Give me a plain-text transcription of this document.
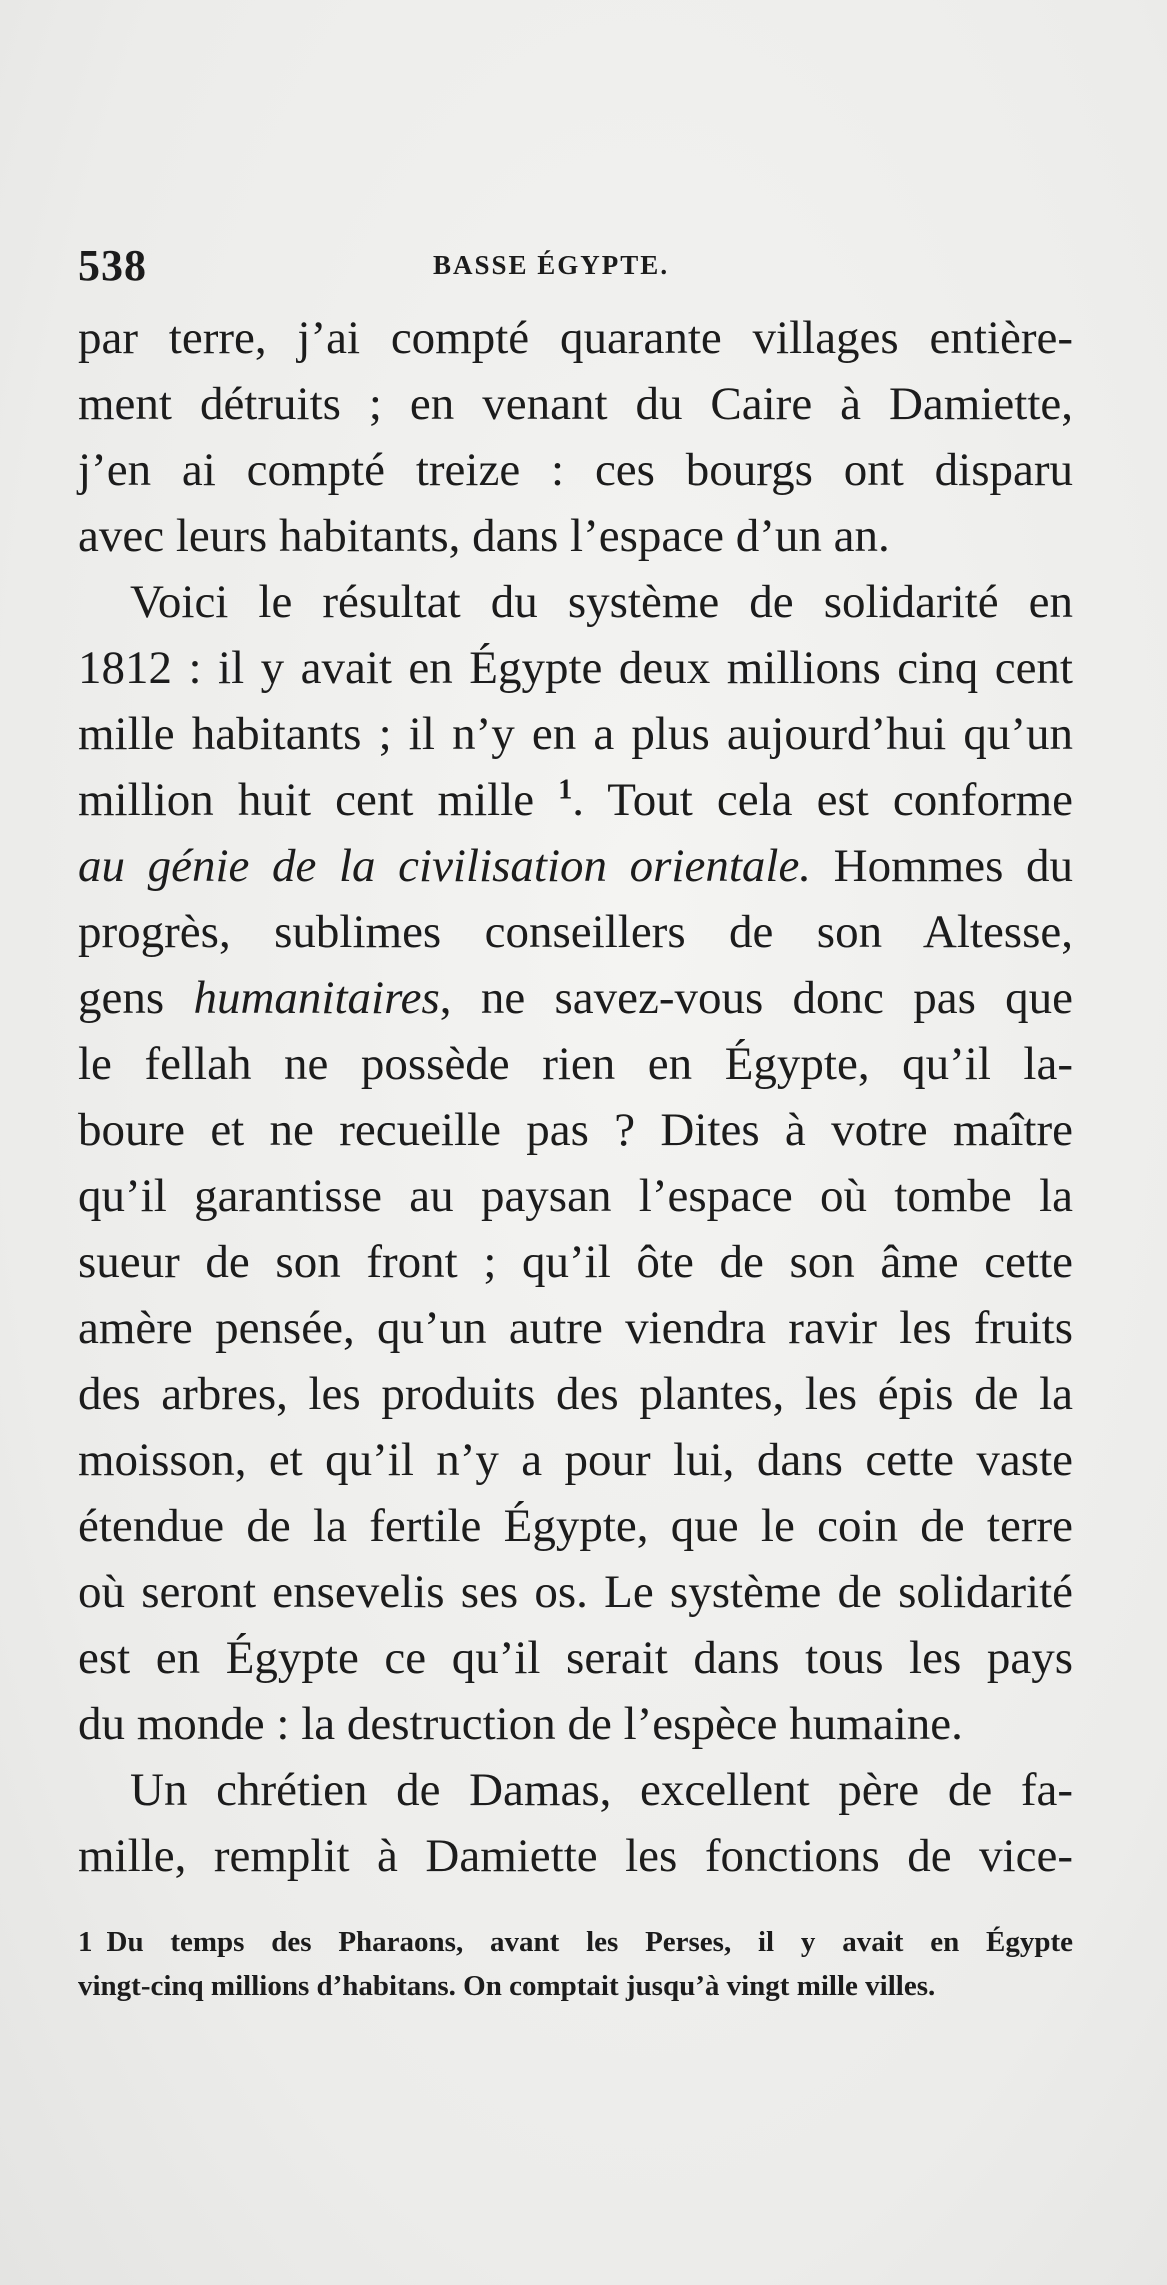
538	BASSE ÉGYPTE.
par terre, j’ai compté quarante villages entière-
ment détruits ; en venant du Caire à Damiette,
j’en ai compté treize : ces bourgs ont disparu
avec leurs habitants, dans l’espace d’un an.
Voici le résultat du système de solidarité en
1812 : il y avait en Égypte deux millions cinq cent
mille habitants ; il n’y en a plus aujourd’hui qu’un
million huit cent mille $^1$. Tout cela est conforme
au génie de la civilisation orientale. Hommes du
progrès, sublimes conseillers de son Altesse,
gens humanitaires, ne savez-vous donc pas que
le fellah ne possède rien en Égypte, qu’il la-
boure et ne recueille pas ? Dites à votre maître
qu’il garantisse au paysan l’espace où tombe la
sueur de son front ; qu’il ôte de son âme cette
amère pensée, qu’un autre viendra ravir les fruits
des arbres, les produits des plantes, les épis de la
moisson, et qu’il n’y a pour lui, dans cette vaste
étendue de la fertile Égypte, que le coin de terre
où seront ensevelis ses os. Le système de solidarité
est en Égypte ce qu’il serait dans tous les pays
du monde : la destruction de l’espèce humaine.
Un chrétien de Damas, excellent père de fa-
mille, remplit à Damiette les fonctions de vice-
1 Du temps des Pharaons, avant les Perses, il y avait en Égypte
vingt-cinq millions d’habitans. On comptait jusqu’à vingt mille villes.
